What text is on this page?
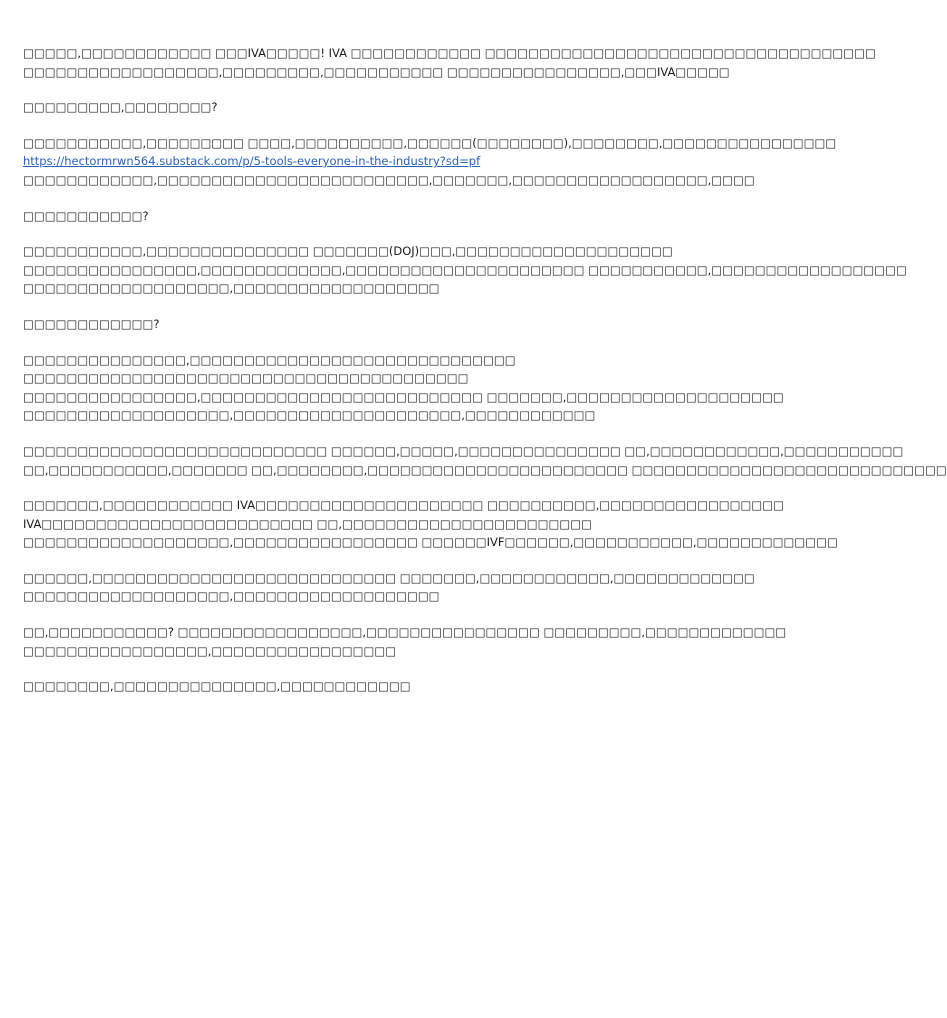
□□□□□,□□□□□□□□□□□□ □□□IVA□□□□□! IVA □□□□□□□□□□□□ □□□□□□□□□□□□□□□□□□□□□□□□□□□□□□□□□□□□
□□□□□□□□□□□□□□□□□□,□□□□□□□□□,□□□□□□□□□□□ □□□□□□□□□□□□□□□□,□□□IVA□□□□□

□□□□□□□□□,□□□□□□□□?

□□□□□□□□□□□,□□□□□□□□□ □□□□,□□□□□□□□□□,□□□□□□(□□□□□□□□),□□□□□□□□,□□□□□□□□□□□□□□□□
https://hectormrwn564.substack.com/p/5-tools-everyone-in-the-industry?sd=pf
□□□□□□□□□□□□,□□□□□□□□□□□□□□□□□□□□□□□□□,□□□□□□□,□□□□□□□□□□□□□□□□□□,□□□□

□□□□□□□□□□□?

□□□□□□□□□□□,□□□□□□□□□□□□□□□ □□□□□□□(DOJ)□□□,□□□□□□□□□□□□□□□□□□□□
□□□□□□□□□□□□□□□□,□□□□□□□□□□□□□,□□□□□□□□□□□□□□□□□□□□□□ □□□□□□□□□□□,□□□□□□□□□□□□□□□□□□
□□□□□□□□□□□□□□□□□□□,□□□□□□□□□□□□□□□□□□□

□□□□□□□□□□□□?

□□□□□□□□□□□□□□□,□□□□□□□□□□□□□□□□□□□□□□□□□□□□□□
□□□□□□□□□□□□□□□□□□□□□□□□□□□□□□□□□□□□□□□□□
□□□□□□□□□□□□□□□□,□□□□□□□□□□□□□□□□□□□□□□□□□□ □□□□□□□,□□□□□□□□□□□□□□□□□□□□
□□□□□□□□□□□□□□□□□□□,□□□□□□□□□□□□□□□□□□□□□,□□□□□□□□□□□□

□□□□□□□□□□□□□□□□□□□□□□□□□□□□ □□□□□□,□□□□□,□□□□□□□□□□□□□□□ □□,□□□□□□□□□□□□,□□□□□□□□□□□
□□,□□□□□□□□□□□,□□□□□□□ □□,□□□□□□□□,□□□□□□□□□□□□□□□□□□□□□□□□ □□□□□□□□□□□□□□□□□□□□□□□□□□□□□

□□□□□□□,□□□□□□□□□□□□ IVA□□□□□□□□□□□□□□□□□□□□□ □□□□□□□□□□,□□□□□□□□□□□□□□□□□
IVA□□□□□□□□□□□□□□□□□□□□□□□□□ □□,□□□□□□□□□□□□□□□□□□□□□□□
□□□□□□□□□□□□□□□□□□□,□□□□□□□□□□□□□□□□□ □□□□□□IVF□□□□□□,□□□□□□□□□□□,□□□□□□□□□□□□□

□□□□□□,□□□□□□□□□□□□□□□□□□□□□□□□□□□□ □□□□□□□,□□□□□□□□□□□□,□□□□□□□□□□□□□
□□□□□□□□□□□□□□□□□□□,□□□□□□□□□□□□□□□□□□□

□□,□□□□□□□□□□□? □□□□□□□□□□□□□□□□□,□□□□□□□□□□□□□□□□ □□□□□□□□□,□□□□□□□□□□□□□
□□□□□□□□□□□□□□□□□,□□□□□□□□□□□□□□□□□

□□□□□□□□,□□□□□□□□□□□□□□□,□□□□□□□□□□□□
